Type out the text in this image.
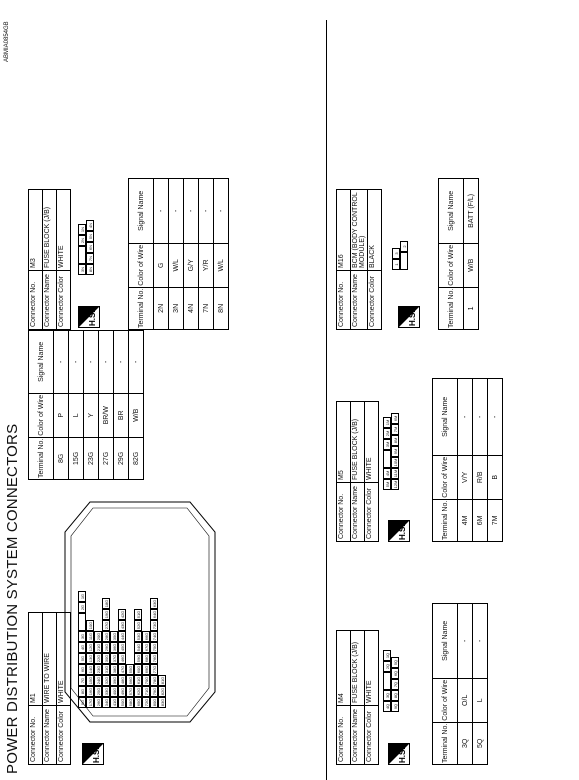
POWER DISTRIBUTION SYSTEM CONNECTORS
ABMIA0854GB
Connector No.	M1
Connector Name	WIRE TO WIRE
Connector Color	WHITE
H.S.
9G
8G
7G
6G
5G
4G
3G
2G
1G
17G
16G
15G
14G
13G
12G
11G
10G
26G
25G
24G
23G
22G
21G
20G
34G
33G
32G
31G
30G
29G
28G
27G
19G
18G
41G
40G
39G
38G
37G
36G
35G
50G
49G
48G
47G
46G
45G
44G
43G
42G
58G
57G
56G
55G
65G
62G
61G
60G
59G
54G
53G
52G
51G
72G
71G
70G
69G
68G
67G
66G
80G
79G
78G
77G
76G
75G
74G
73G
64G
63G
83G
82G
81G
Terminal No.	Color of Wire	Signal Name
8G	P	-
15G	L	-
23G	Y	-
27G	BR/W	-
29G	BR	-
82G	W/B	-
Connector No.	M3
Connector Name	FUSE BLOCK (J/B)
Connector Color	WHITE
H.S.
3N
2N
1N
8N
7N
6N
5N
4N
Terminal No.	Color of Wire	Signal Name
2N	G	-
3N	W/L	-
4N	G/Y	-
7N	Y/R	-
8N	W/L	-
Connector No.	M4
Connector Name	FUSE BLOCK (J/B)
Connector Color	WHITE
H.S.
4Q
3Q
2Q
1Q
9Q
8Q
7Q
6Q
5Q
Terminal No.	Color of Wire	Signal Name
3Q	O/L	-
5Q	L	-
Connector No.	M5
Connector Name	FUSE BLOCK (J/B)
Connector Color	WHITE
H.S.
5M
4M
3M
2M
1M
12M
11M
10M
9M
8M
7M
6M
Terminal No.	Color of Wire	Signal Name
4M	V/Y	-
6M	R/B	-
7M	B	-
Connector No.	M16
Connector Name	BCM (BODY CONTROL MODULE)
Connector Color	BLACK
H.S.
1
3
2
Terminal No.	Color of Wire	Signal Name
1	W/B	BATT (F/L)
